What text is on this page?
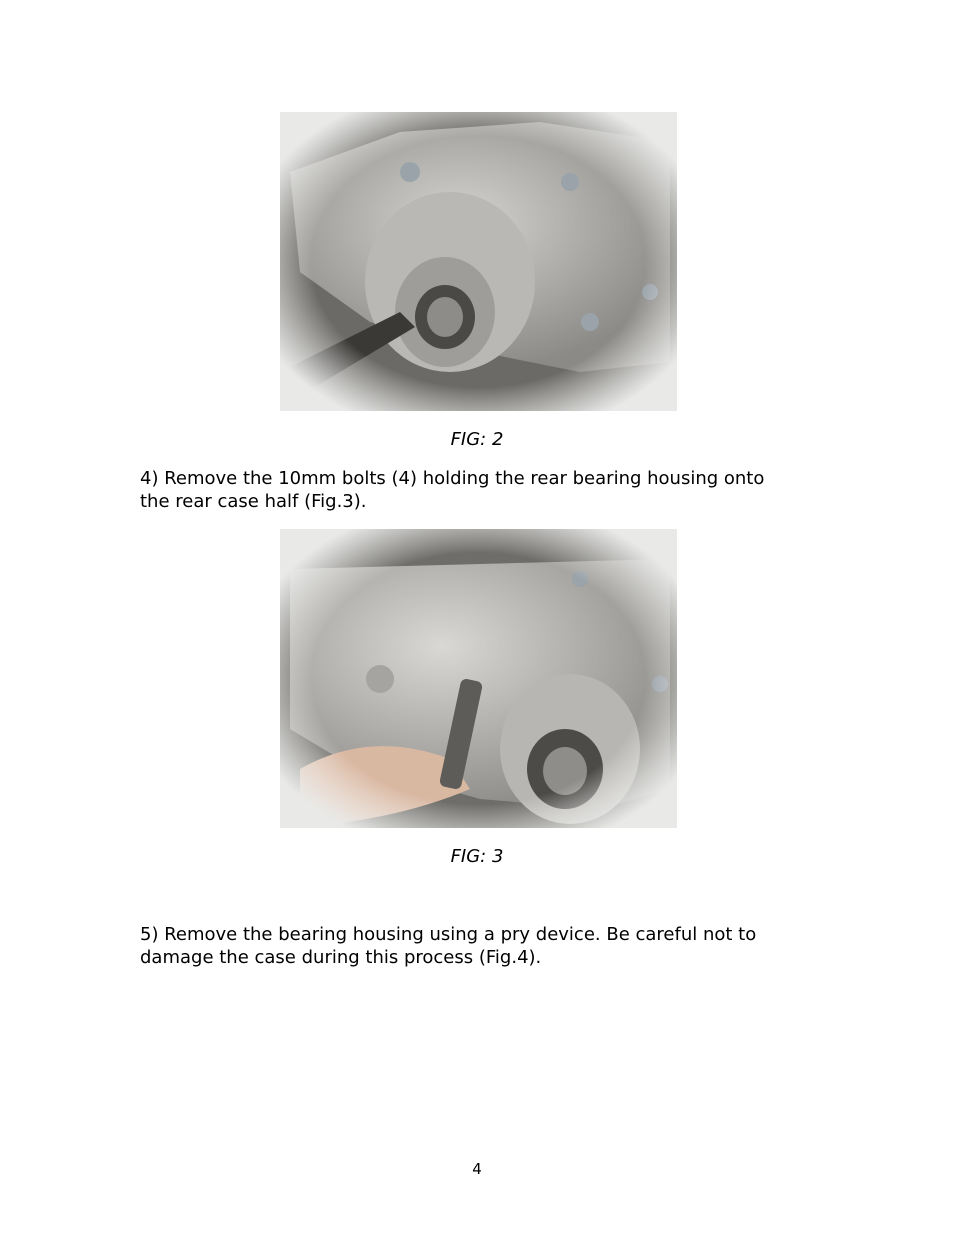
FIG: 2

4) Remove the 10mm bolts (4) holding the rear bearing housing onto
the rear case half (Fig.3).

FIG: 3

5) Remove the bearing housing using a pry device. Be careful not to
damage the case during this process (Fig.4).

4
